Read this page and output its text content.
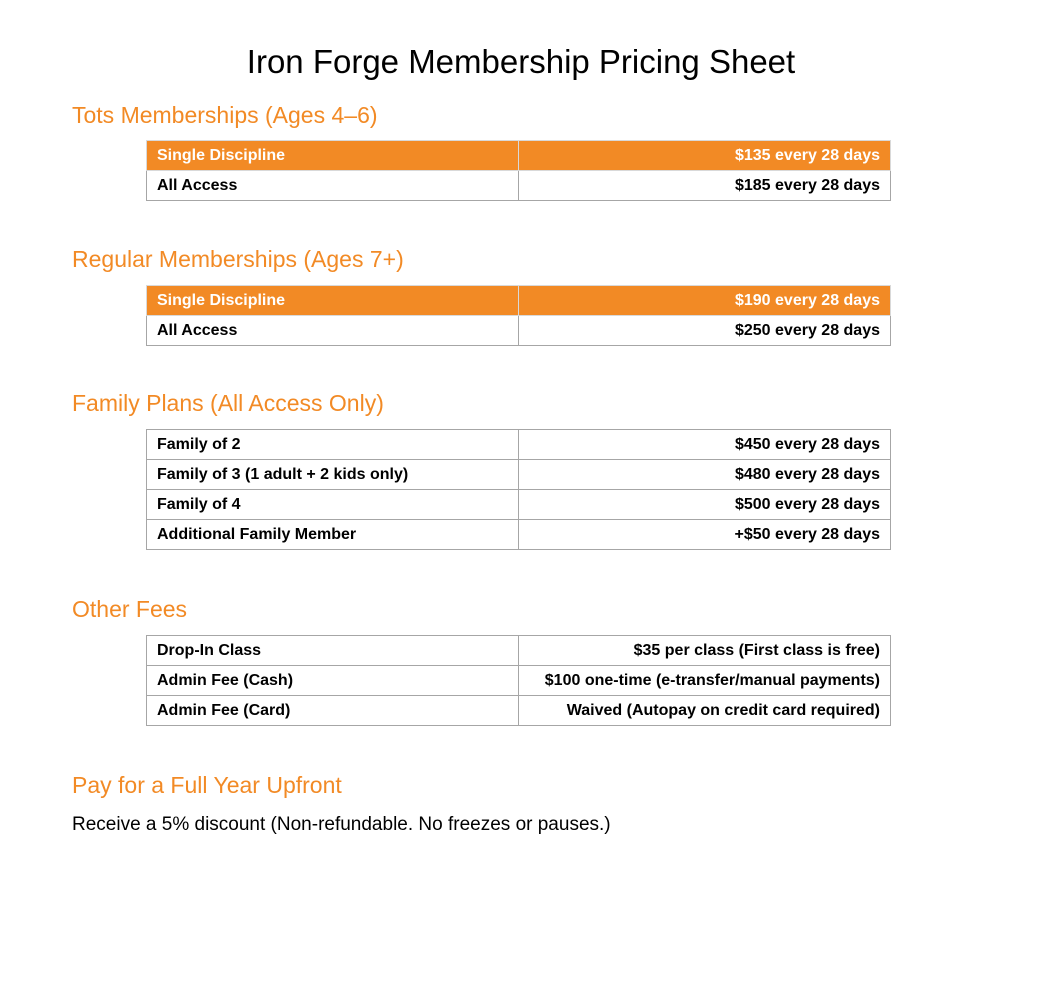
Iron Forge Membership Pricing Sheet
Tots Memberships (Ages 4–6)
Single Discipline	$135 every 28 days
All Access	$185 every 28 days
Regular Memberships (Ages 7+)
Single Discipline	$190 every 28 days
All Access	$250 every 28 days
Family Plans (All Access Only)
Family of 2	$450 every 28 days
Family of 3 (1 adult + 2 kids only)	$480 every 28 days
Family of 4	$500 every 28 days
Additional Family Member	+$50 every 28 days
Other Fees
Drop-In Class	$35 per class (First class is free)
Admin Fee (Cash)	$100 one-time (e-transfer/manual payments)
Admin Fee (Card)	Waived (Autopay on credit card required)
Pay for a Full Year Upfront

Receive a 5% discount (Non-refundable. No freezes or pauses.)
